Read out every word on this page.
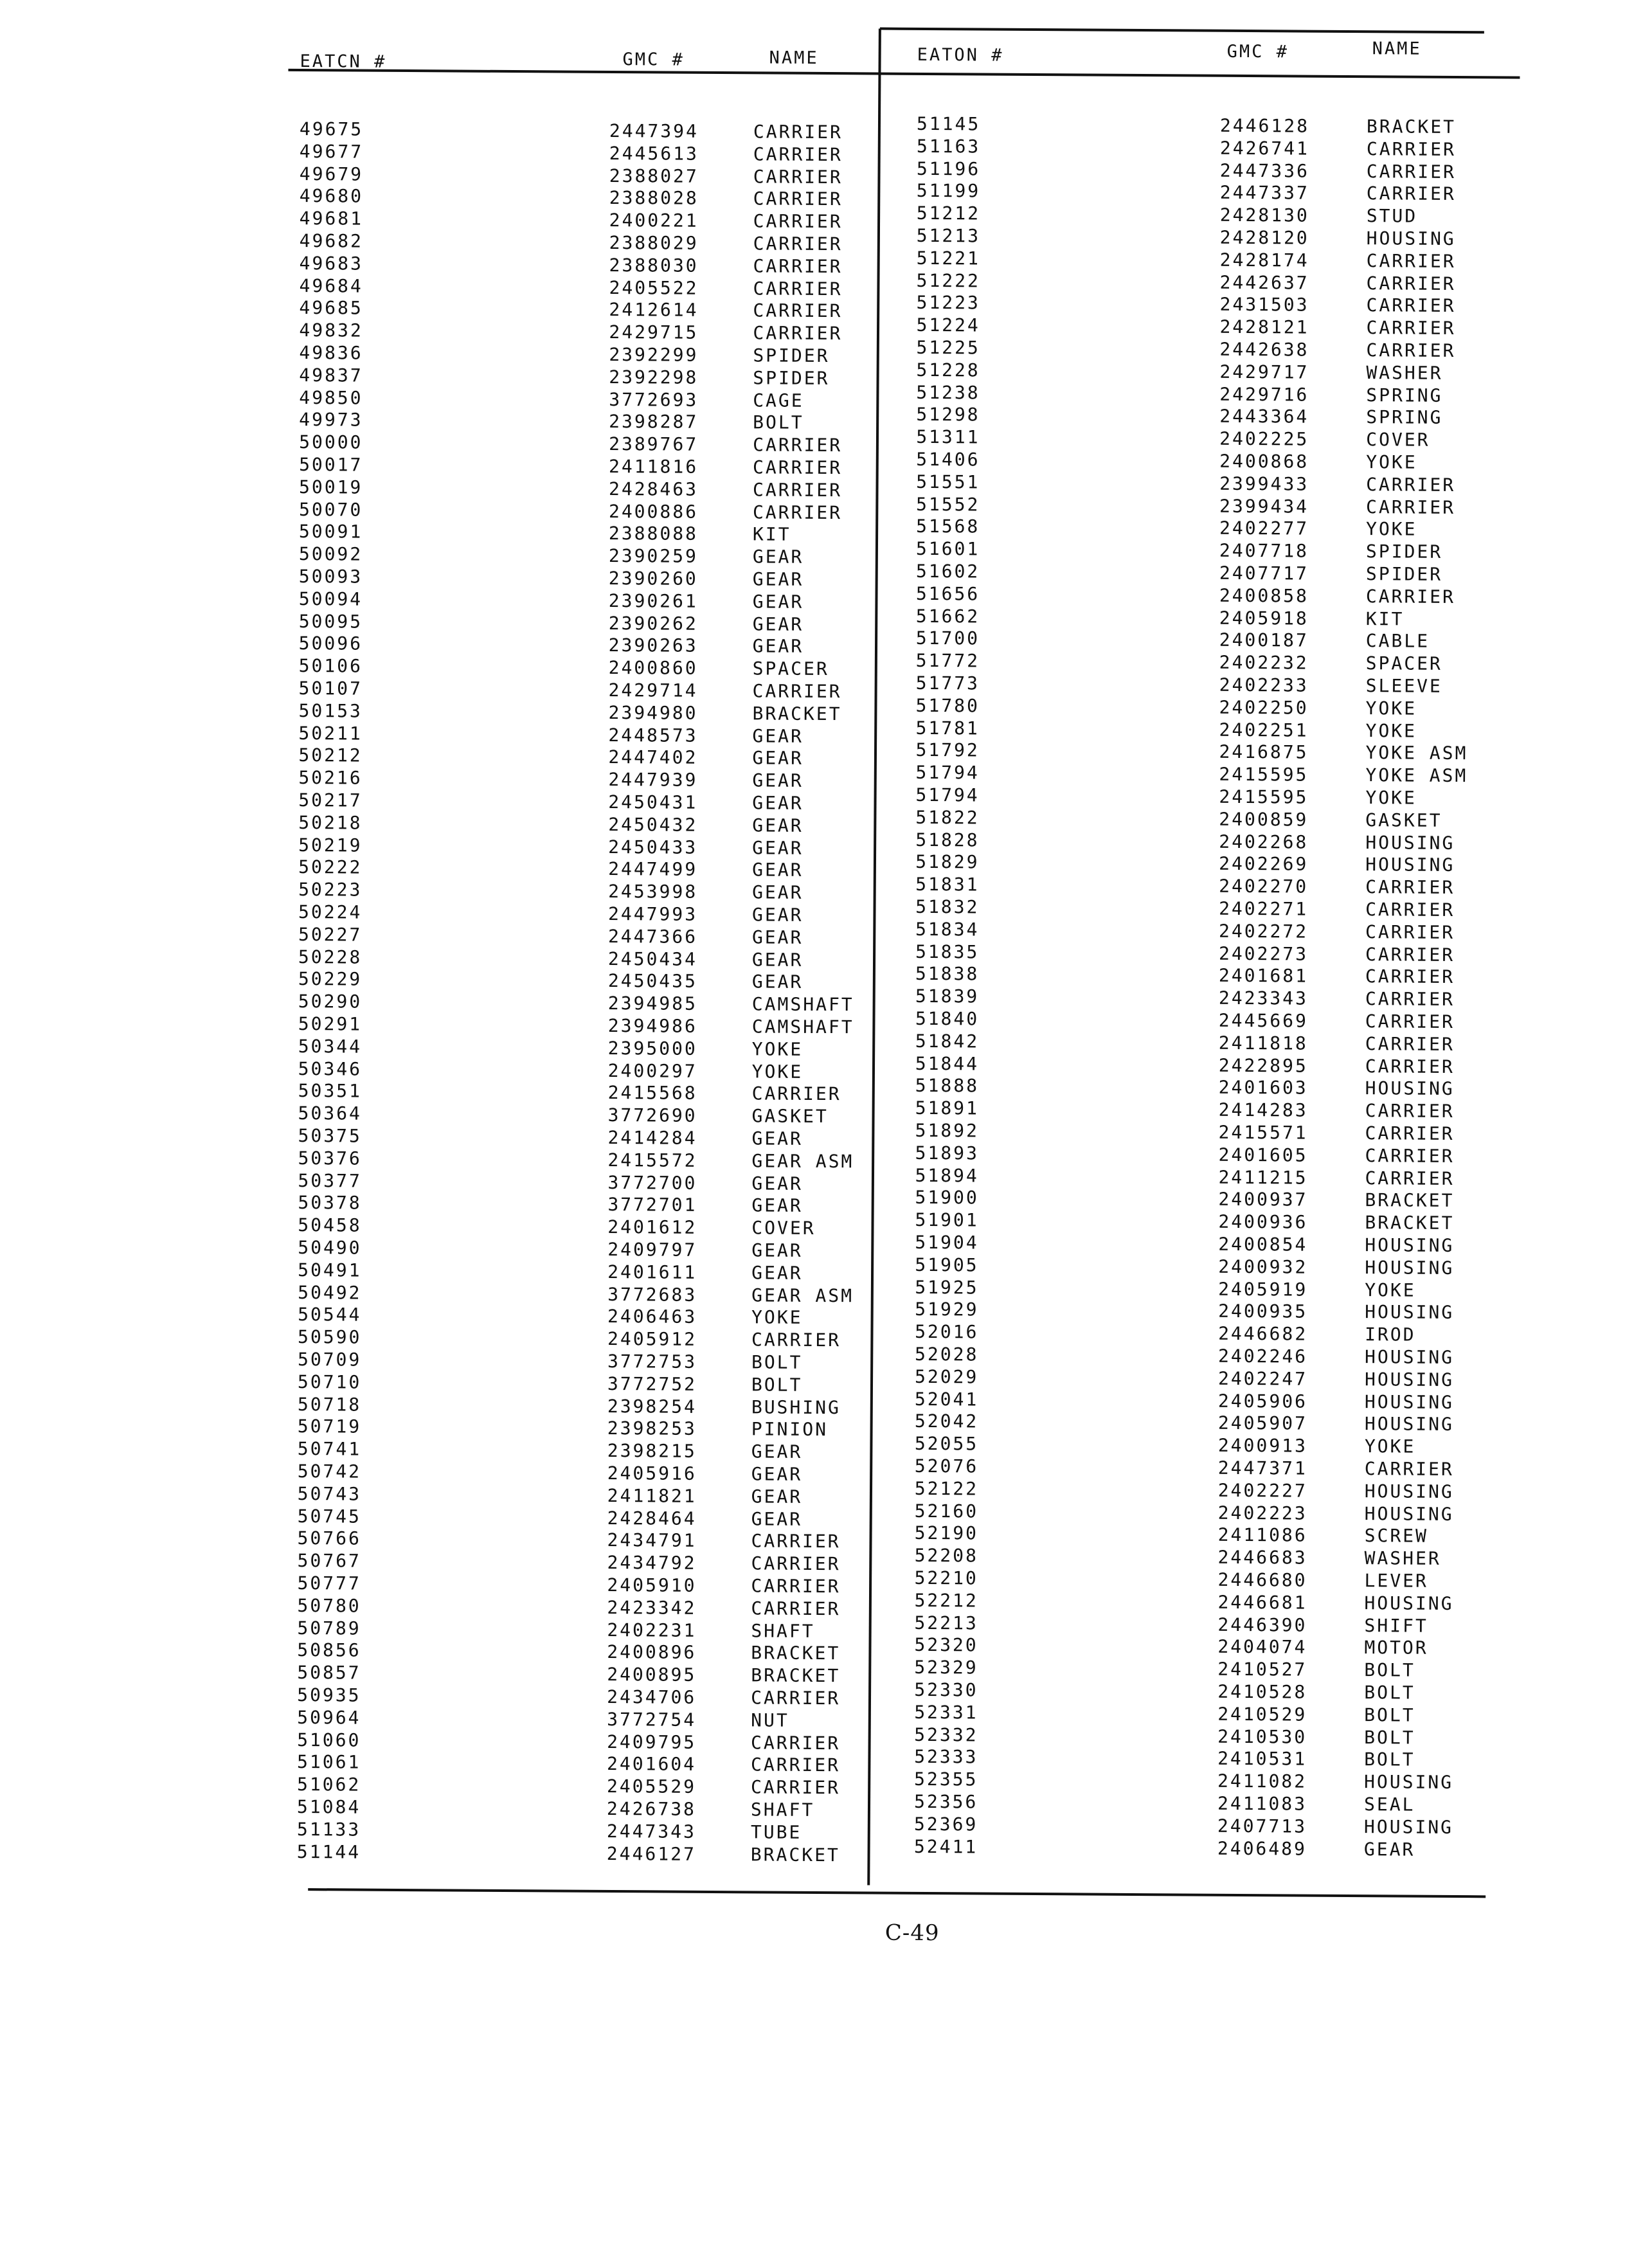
EATCN #	GMC #	NAME	EATON #	GMC #	NAME
49675	2447394	CARRIER
49677	2445613	CARRIER
49679	2388027	CARRIER
49680	2388028	CARRIER
49681	2400221	CARRIER
49682	2388029	CARRIER
49683	2388030	CARRIER
49684	2405522	CARRIER
49685	2412614	CARRIER
49832	2429715	CARRIER
49836	2392299	SPIDER
49837	2392298	SPIDER
49850	3772693	CAGE
49973	2398287	BOLT
50000	2389767	CARRIER
50017	2411816	CARRIER
50019	2428463	CARRIER
50070	2400886	CARRIER
50091	2388088	KIT
50092	2390259	GEAR
50093	2390260	GEAR
50094	2390261	GEAR
50095	2390262	GEAR
50096	2390263	GEAR
50106	2400860	SPACER
50107	2429714	CARRIER
50153	2394980	BRACKET
50211	2448573	GEAR
50212	2447402	GEAR
50216	2447939	GEAR
50217	2450431	GEAR
50218	2450432	GEAR
50219	2450433	GEAR
50222	2447499	GEAR
50223	2453998	GEAR
50224	2447993	GEAR
50227	2447366	GEAR
50228	2450434	GEAR
50229	2450435	GEAR
50290	2394985	CAMSHAFT
50291	2394986	CAMSHAFT
50344	2395000	YOKE
50346	2400297	YOKE
50351	2415568	CARRIER
50364	3772690	GASKET
50375	2414284	GEAR
50376	2415572	GEAR ASM
50377	3772700	GEAR
50378	3772701	GEAR
50458	2401612	COVER
50490	2409797	GEAR
50491	2401611	GEAR
50492	3772683	GEAR ASM
50544	2406463	YOKE
50590	2405912	CARRIER
50709	3772753	BOLT
50710	3772752	BOLT
50718	2398254	BUSHING
50719	2398253	PINION
50741	2398215	GEAR
50742	2405916	GEAR
50743	2411821	GEAR
50745	2428464	GEAR
50766	2434791	CARRIER
50767	2434792	CARRIER
50777	2405910	CARRIER
50780	2423342	CARRIER
50789	2402231	SHAFT
50856	2400896	BRACKET
50857	2400895	BRACKET
50935	2434706	CARRIER
50964	3772754	NUT
51060	2409795	CARRIER
51061	2401604	CARRIER
51062	2405529	CARRIER
51084	2426738	SHAFT
51133	2447343	TUBE
51144	2446127	BRACKET
51145	2446128	BRACKET
51163	2426741	CARRIER
51196	2447336	CARRIER
51199	2447337	CARRIER
51212	2428130	STUD
51213	2428120	HOUSING
51221	2428174	CARRIER
51222	2442637	CARRIER
51223	2431503	CARRIER
51224	2428121	CARRIER
51225	2442638	CARRIER
51228	2429717	WASHER
51238	2429716	SPRING
51298	2443364	SPRING
51311	2402225	COVER
51406	2400868	YOKE
51551	2399433	CARRIER
51552	2399434	CARRIER
51568	2402277	YOKE
51601	2407718	SPIDER
51602	2407717	SPIDER
51656	2400858	CARRIER
51662	2405918	KIT
51700	2400187	CABLE
51772	2402232	SPACER
51773	2402233	SLEEVE
51780	2402250	YOKE
51781	2402251	YOKE
51792	2416875	YOKE ASM
51794	2415595	YOKE ASM
51794	2415595	YOKE
51822	2400859	GASKET
51828	2402268	HOUSING
51829	2402269	HOUSING
51831	2402270	CARRIER
51832	2402271	CARRIER
51834	2402272	CARRIER
51835	2402273	CARRIER
51838	2401681	CARRIER
51839	2423343	CARRIER
51840	2445669	CARRIER
51842	2411818	CARRIER
51844	2422895	CARRIER
51888	2401603	HOUSING
51891	2414283	CARRIER
51892	2415571	CARRIER
51893	2401605	CARRIER
51894	2411215	CARRIER
51900	2400937	BRACKET
51901	2400936	BRACKET
51904	2400854	HOUSING
51905	2400932	HOUSING
51925	2405919	YOKE
51929	2400935	HOUSING
52016	2446682	IROD
52028	2402246	HOUSING
52029	2402247	HOUSING
52041	2405906	HOUSING
52042	2405907	HOUSING
52055	2400913	YOKE
52076	2447371	CARRIER
52122	2402227	HOUSING
52160	2402223	HOUSING
52190	2411086	SCREW
52208	2446683	WASHER
52210	2446680	LEVER
52212	2446681	HOUSING
52213	2446390	SHIFT
52320	2404074	MOTOR
52329	2410527	BOLT
52330	2410528	BOLT
52331	2410529	BOLT
52332	2410530	BOLT
52333	2410531	BOLT
52355	2411082	HOUSING
52356	2411083	SEAL
52369	2407713	HOUSING
52411	2406489	GEAR
C-49
